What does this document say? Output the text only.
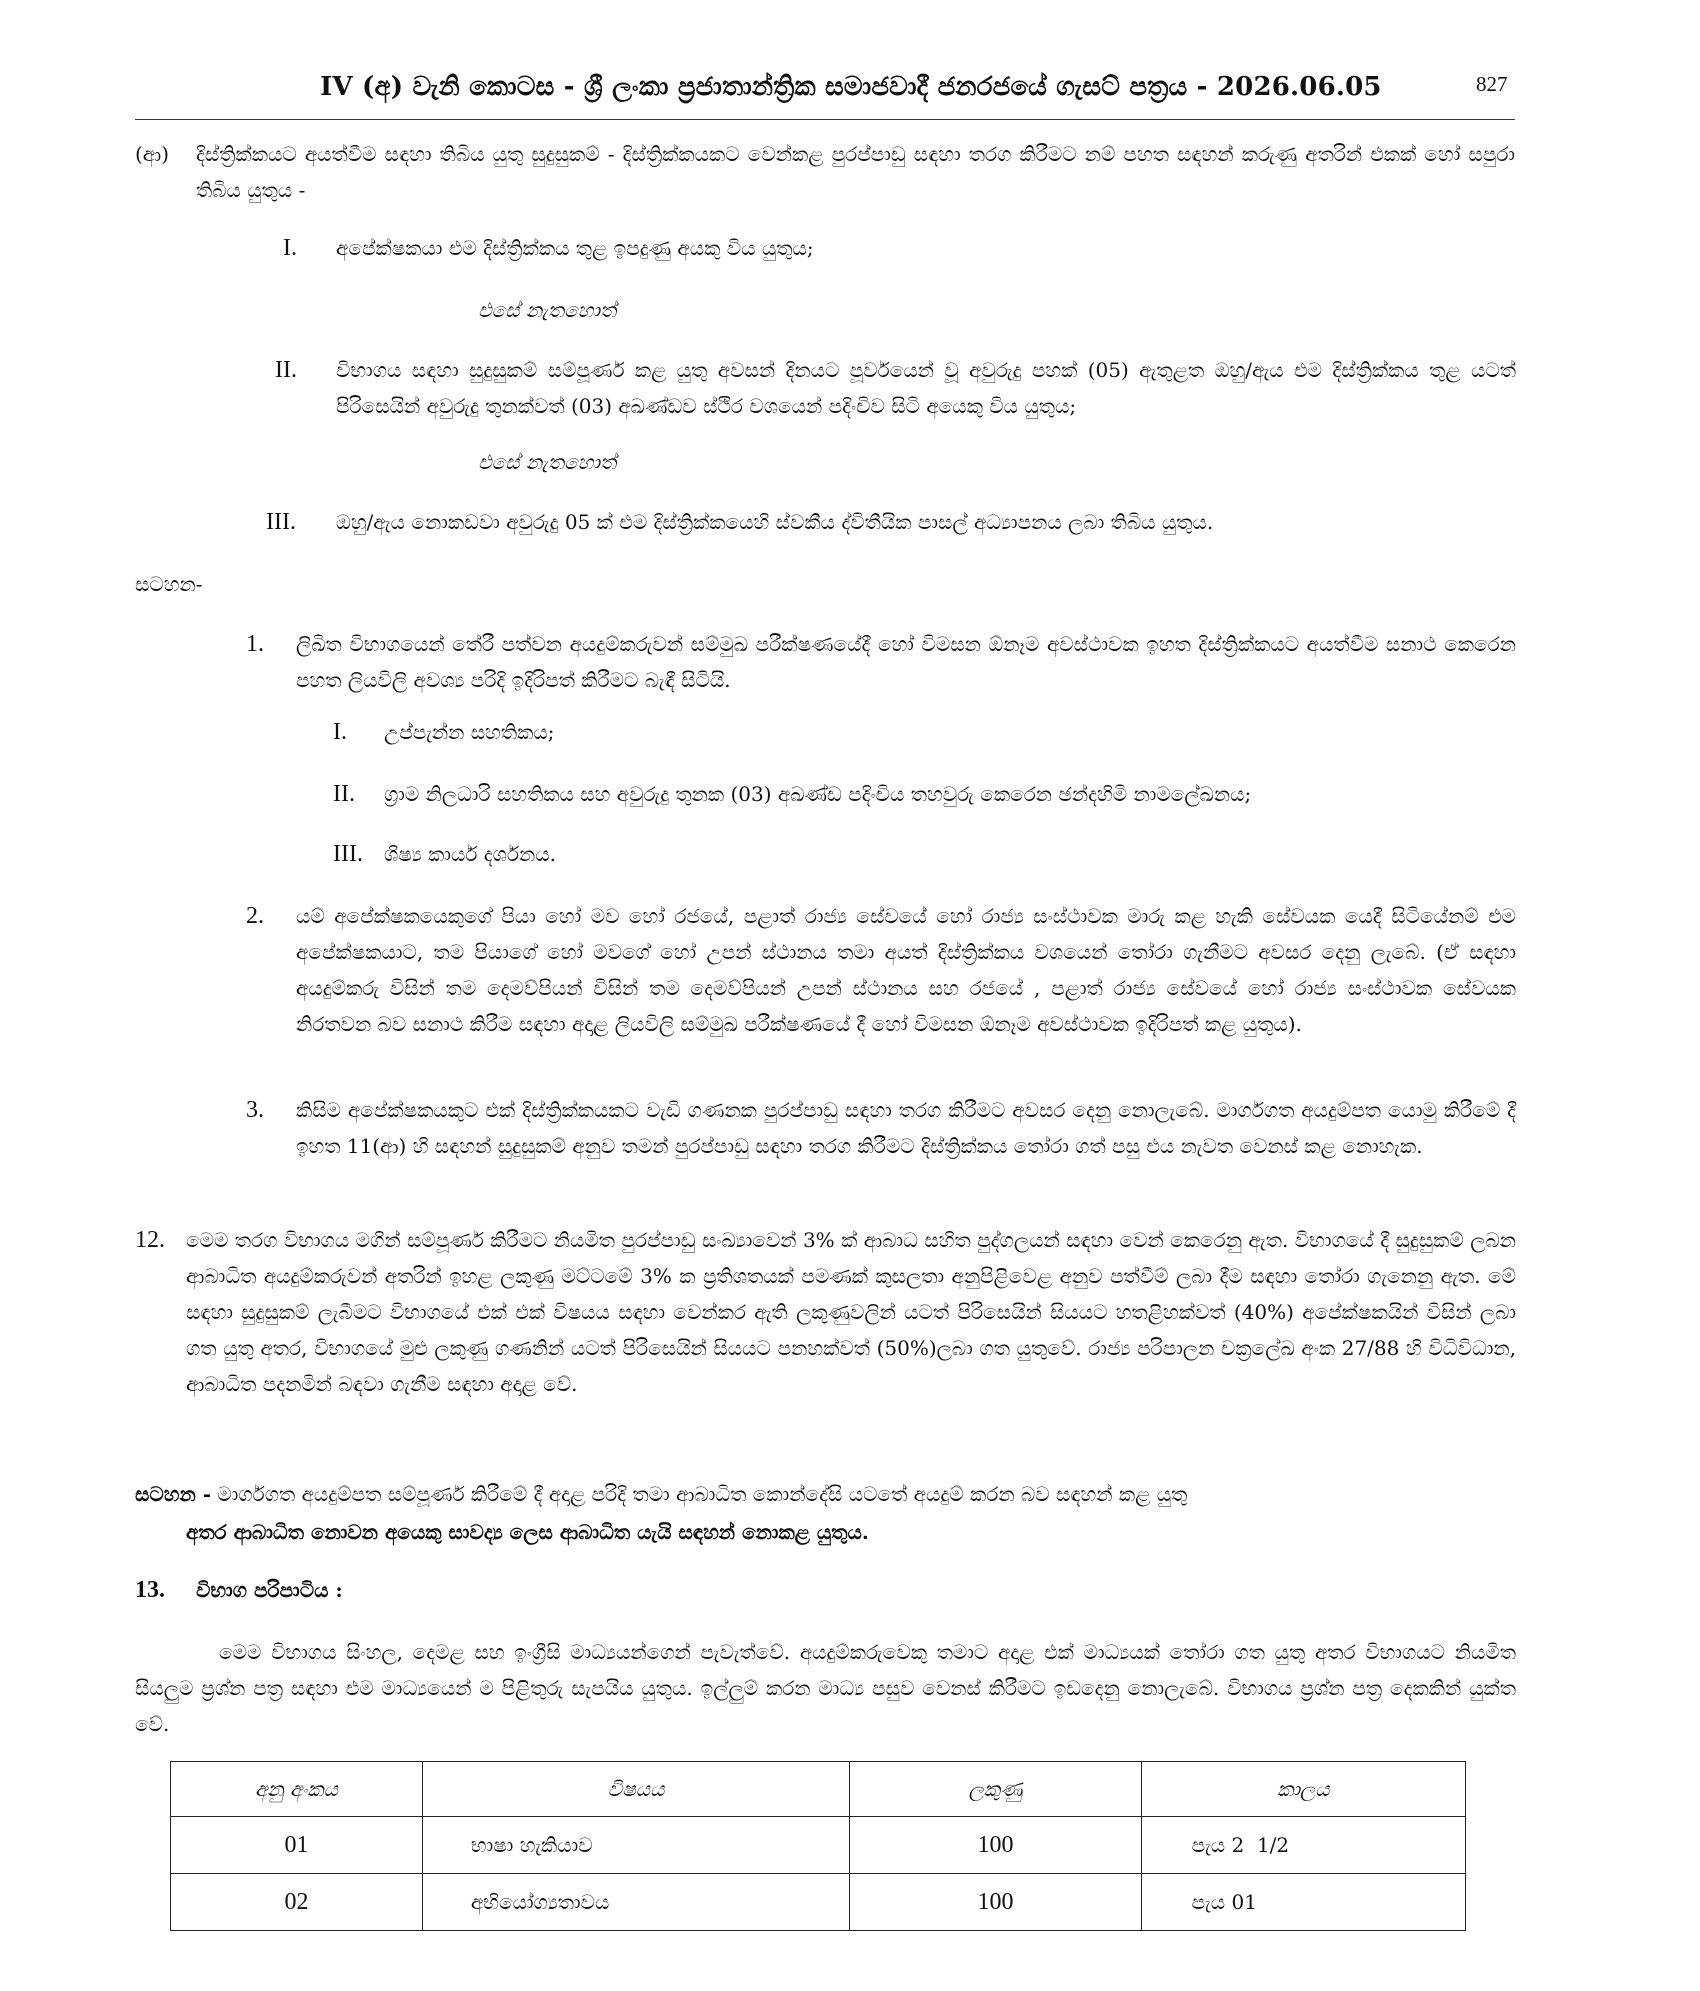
IV (අ) වැනි කොටස - ශ්‍රී ලංකා ප්‍රජාතාන්ත්‍රික සමාජවාදී ජනරජයේ ගැසට් පත්‍රය - 2026.06.05	827
(ආ) දිස්ත්‍රික්කයට අයත්වීම සඳහා තිබිය යුතු සුදුසුකම් - දිස්ත්‍රික්කයකට වෙන්කළ පුරප්පාඩු සඳහා තරග කිරීමට නම් පහත සඳහන් කරුණු අතරින් එකක් හෝ සපුරා තිබිය යුතුය -
I. අපේක්ෂකයා එම දිස්ත්‍රික්කය තුළ ඉපදුණු අයකු විය යුතුය;
එසේ නැතහොත්
II. විභාගය සඳහා සුදුසුකම් සම්පූර්ණ කළ යුතු අවසන් දිනයට පූර්වයෙන් වූ අවුරුදු පහක් (05) ඇතුළත ඔහු/ඇය එම දිස්ත්‍රික්කය තුළ යටත් පිරිසෙයින් අවුරුදු තුනක්වත් (03) අඛණ්ඩව ස්ථිර වශයෙන් පදිංචිව සිටි අයෙකු විය යුතුය;
එසේ නැතහොත්
III. ඔහු/ඇය නොකඩවා අවුරුදු 05 ක් එම දිස්ත්‍රික්කයෙහි ස්වකීය ද්විතීයික පාසල් අධ්‍යාපනය ලබා තිබිය යුතුය.
සටහන-
1. ලිඛිත විභාගයෙන් තේරී පත්වන අයදුම්කරුවන් සම්මුඛ පරීක්ෂණයේදී හෝ විමසන ඕනෑම අවස්ථාවක ඉහත දිස්ත්‍රික්කයට අයත්වීම සනාථ කෙරෙන පහත ලියවිලි අවශ්‍ය පරිදි ඉදිරිපත් කිරීමට බැඳී සිටියි.
I. උප්පැන්න සහතිකය;
II. ග්‍රාම නිලධාරි සහතිකය සහ අවුරුදු තුනක (03) අඛණ්ඩ පදිංචිය තහවුරු කෙරෙන ඡන්දහිමි නාමලේඛනය;
III. ශිෂ්‍ය කාර්ය දර්ශනය.
2. යම් අපේක්ෂකයෙකුගේ පියා හෝ මව හෝ රජයේ, පළාත් රාජ්‍ය සේවයේ හෝ රාජ්‍ය සංස්ථාවක මාරු කළ හැකි සේවයක යෙදී සිටියේනම් එම අපේක්ෂකයාට, තම පියාගේ හෝ මවගේ හෝ උපන් ස්ථානය තමා අයත් දිස්ත්‍රික්කය වශයෙන් තෝරා ගැනීමට අවසර දෙනු ලැබේ. (ඒ සඳහා අයදුම්කරු විසින් තම දෙමව්පියන් විසින් තම දෙමව්පියන් උපන් ස්ථානය සහ රජයේ , පළාත් රාජ්‍ය සේවයේ හෝ රාජ්‍ය සංස්ථාවක සේවයක නිරතවන බව සනාථ කිරීම සඳහා අදාළ ලියවිලි සම්මුඛ පරීක්ෂණයේ දී හෝ විමසන ඕනෑම අවස්ථාවක ඉදිරිපත් කළ යුතුය).
3. කිසිම අපේක්ෂකයකුට එක් දිස්ත්‍රික්කයකට වැඩි ගණනක පුරප්පාඩු සඳහා තරග කිරීමට අවසර දෙනු නොලැබේ. මාර්ගගත අයදුම්පත යොමු කිරීමේ දී ඉහත 11(ආ) හි සඳහන් සුදුසුකම් අනුව තමන් පුරප්පාඩු සඳහා තරග කිරීමට දිස්ත්‍රික්කය තෝරා ගත් පසු එය නැවත වෙනස් කළ නොහැක.
12. මෙම තරග විභාගය මගින් සම්පූර්ණ කිරීමට නියමිත පුරප්පාඩු සංඛ්‍යාවෙන් 3% ක් ආබාධ සහිත පුද්ගලයන් සඳහා වෙන් කෙරෙනු ඇත. විභාගයේ දී සුදුසුකම් ලබන ආබාධිත අයදුම්කරුවන් අතරින් ඉහළ ලකුණු මට්ටමේ 3% ක ප්‍රතිශතයක් පමණක් කුසලතා අනුපිළිවෙළ අනුව පත්වීම් ලබා දීම සඳහා තෝරා ගැනෙනු ඇත. මේ සඳහා සුදුසුකම් ලැබීමට විභාගයේ එක් එක් විෂයය සඳහා වෙන්කර ඇති ලකුණුවලින් යටත් පිරිසෙයින් සියයට හතළිහක්වත් (40%) අපේක්ෂකයින් විසින් ලබා ගත යුතු අතර, විභාගයේ මුළු ලකුණු ගණනින් යටත් පිරිසෙයින් සියයට පනහක්වත් (50%)ලබා ගත යුතුවේ. රාජ්‍ය පරිපාලන චක්‍රලේඛ අංක 27/88 හි විධිවිධාන, ආබාධිත පදනමින් බඳවා ගැනීම සඳහා අදාළ වේ.
සටහන - මාර්ගගත අයදුම්පත සම්පූර්ණ කිරීමේ දී අදාළ පරිදි තමා ආබාධිත කොන්දේසි යටතේ අයදුම් කරන බව සඳහන් කළ යුතු
අතර ආබාධිත නොවන අයෙකු සාවද්‍ය ලෙස ආබාධිත යැයි සඳහන් නොකළ යුතුය.
13. විභාග පරිපාටිය :
මෙම විභාගය සිංහල, දෙමළ සහ ඉංග්‍රීසි මාධ්‍යයන්ගෙන් පැවැත්වේ. අයදුම්කරුවෙකු තමාට අදාළ එක් මාධ්‍යයක් තෝරා ගත යුතු අතර විභාගයට නියමිත සියලුම ප්‍රශ්න පත්‍ර සඳහා එම මාධ්‍යයෙන් ම පිළිතුරු සැපයිය යුතුය. ඉල්ලුම් කරන මාධ්‍ය පසුව වෙනස් කිරීමට ඉඩදෙනු නොලැබේ. විභාගය ප්‍රශ්න පත්‍ර දෙකකින් යුක්ත වේ.
අනු අංකය	විෂයය	ලකුණු	කාලය
01	භාෂා හැකියාව	100	පැය 2  1/2
02	අභියෝග්‍යතාවය	100	පැය 01
